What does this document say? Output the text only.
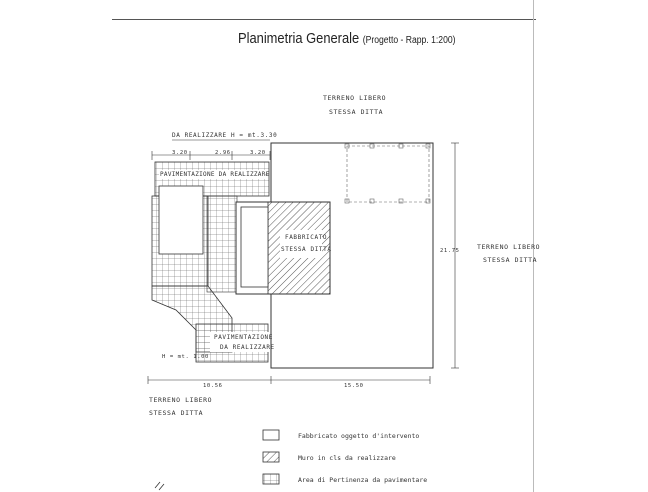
Planimetria Generale (Progetto - Rapp. 1:200)
TERRENO LIBERO
STESSA DITTA
TERRENO LIBERO
STESSA DITTA
TERRENO LIBERO
STESSA DITTA
DA REALIZZARE H = mt.3.30
3.20	2.96	3.20
PAVIMENTAZIONE DA REALIZZARE
FABBRICATO
STESSA DITTA
PAVIMENTAZIONE
DA REALIZZARE
H = mt. 1.00
10.56	15.50
21.75
Fabbricato oggetto d'intervento
Muro in cls da realizzare
Area di Pertinenza da pavimentare
